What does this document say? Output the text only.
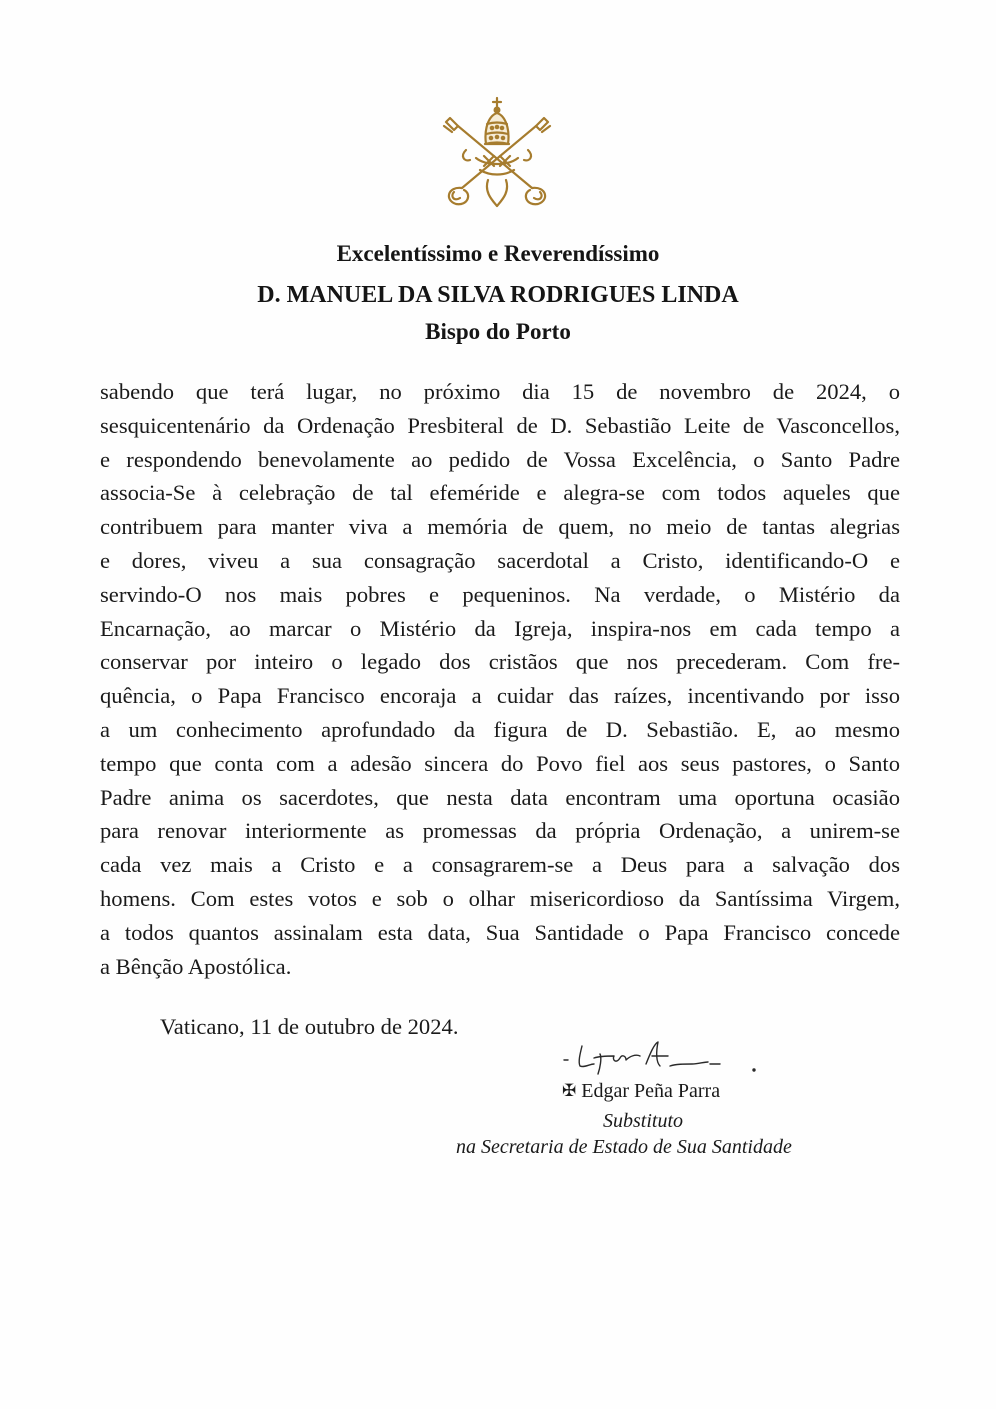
Excelentíssimo e Reverendíssimo
D. MANUEL DA SILVA RODRIGUES LINDA
Bispo do Porto
sabendo que terá lugar, no próximo dia 15 de novembro de 2024, o
sesquicentenário da Ordenação Presbiteral de D. Sebastião Leite de Vasconcellos,
e respondendo benevolamente ao pedido de Vossa Excelência, o Santo Padre
associa-Se à celebração de tal efeméride e alegra-se com todos aqueles que
contribuem para manter viva a memória de quem, no meio de tantas alegrias
e dores, viveu a sua consagração sacerdotal a Cristo, identificando-O e
servindo-O nos mais pobres e pequeninos. Na verdade, o Mistério da
Encarnação, ao marcar o Mistério da Igreja, inspira-nos em cada tempo a
conservar por inteiro o legado dos cristãos que nos precederam. Com fre-
quência, o Papa Francisco encoraja a cuidar das raízes, incentivando por isso
a um conhecimento aprofundado da figura de D. Sebastião. E, ao mesmo
tempo que conta com a adesão sincera do Povo fiel aos seus pastores, o Santo
Padre anima os sacerdotes, que nesta data encontram uma oportuna ocasião
para renovar interiormente as promessas da própria Ordenação, a unirem-se
cada vez mais a Cristo e a consagrarem-se a Deus para a salvação dos
homens. Com estes votos e sob o olhar misericordioso da Santíssima Virgem,
a todos quantos assinalam esta data, Sua Santidade o Papa Francisco concede
a Bênção Apostólica.
Vaticano, 11 de outubro de 2024.
✠ Edgar Peña Parra
Substituto
na Secretaria de Estado de Sua Santidade
